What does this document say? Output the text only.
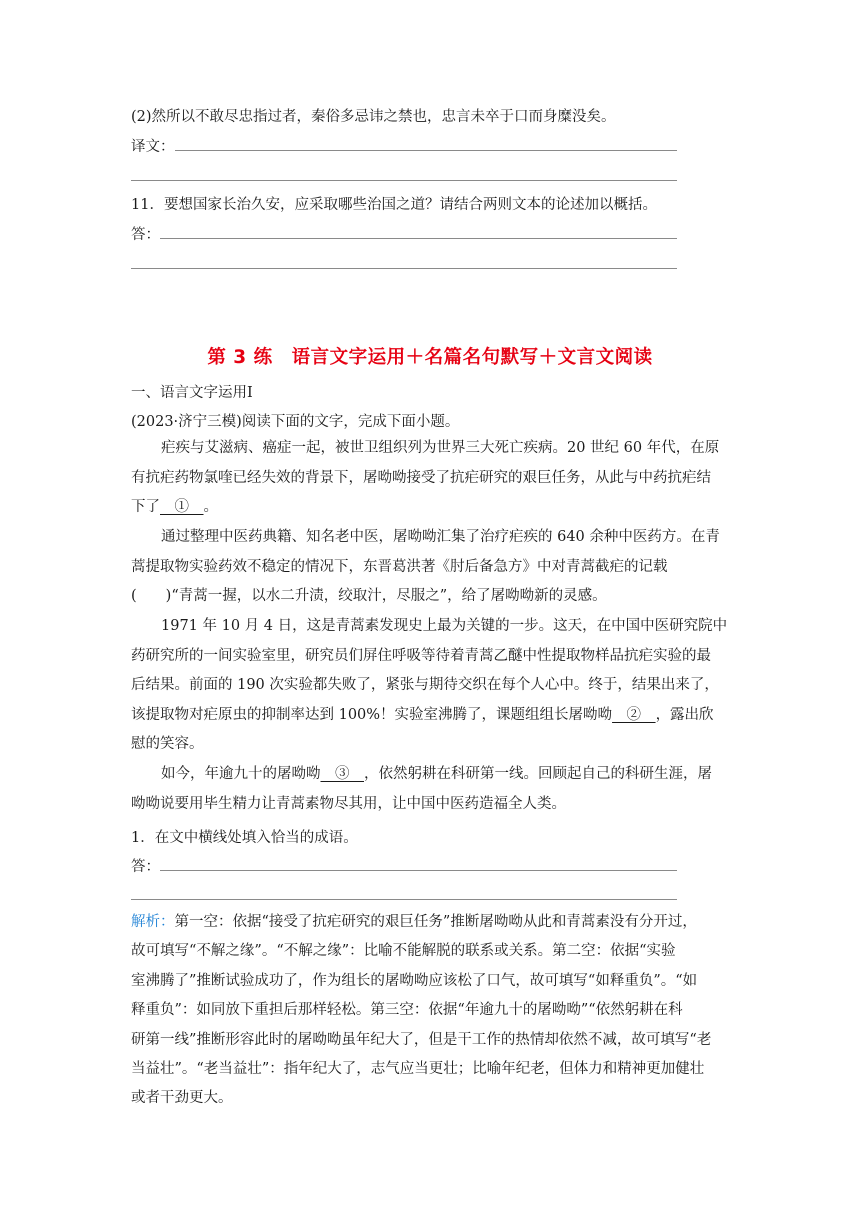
(2)然所以不敢尽忠指过者，秦俗多忌讳之禁也，忠言未卒于口而身糜没矣。
译文：
11．要想国家长治久安，应采取哪些治国之道？请结合两则文本的论述加以概括。
答：
第 3 练　语言文字运用＋名篇名句默写＋文言文阅读
一、语言文字运用Ⅰ
(2023·济宁三模)阅读下面的文字，完成下面小题。
疟疾与艾滋病、癌症一起，被世卫组织列为世界三大死亡疾病。20 世纪 60 年代，在原
有抗疟药物氯喹已经失效的背景下，屠呦呦接受了抗疟研究的艰巨任务，从此与中药抗疟结
下了　①　。
通过整理中医药典籍、知名老中医，屠呦呦汇集了治疗疟疾的 640 余种中医药方。在青
蒿提取物实验药效不稳定的情况下，东晋葛洪著《肘后备急方》中对青蒿截疟的记载
(　　)“青蒿一握，以水二升渍，绞取汁，尽服之”，给了屠呦呦新的灵感。
1971 年 10 月 4 日，这是青蒿素发现史上最为关键的一步。这天，在中国中医研究院中
药研究所的一间实验室里，研究员们屏住呼吸等待着青蒿乙醚中性提取物样品抗疟实验的最
后结果。前面的 190 次实验都失败了，紧张与期待交织在每个人心中。终于，结果出来了，
该提取物对疟原虫的抑制率达到 100%！实验室沸腾了，课题组组长屠呦呦　②　，露出欣
慰的笑容。
如今，年逾九十的屠呦呦　③　，依然躬耕在科研第一线。回顾起自己的科研生涯，屠
呦呦说要用毕生精力让青蒿素物尽其用，让中国中医药造福全人类。
1．在文中横线处填入恰当的成语。
答：
解析：第一空：依据“接受了抗疟研究的艰巨任务”推断屠呦呦从此和青蒿素没有分开过，
故可填写“不解之缘”。“不解之缘”：比喻不能解脱的联系或关系。第二空：依据“实验
室沸腾了”推断试验成功了，作为组长的屠呦呦应该松了口气，故可填写“如释重负”。“如
释重负”：如同放下重担后那样轻松。第三空：依据“年逾九十的屠呦呦”“依然躬耕在科
研第一线”推断形容此时的屠呦呦虽年纪大了，但是干工作的热情却依然不减，故可填写“老
当益壮”。“老当益壮”：指年纪大了，志气应当更壮；比喻年纪老，但体力和精神更加健壮
或者干劲更大。
